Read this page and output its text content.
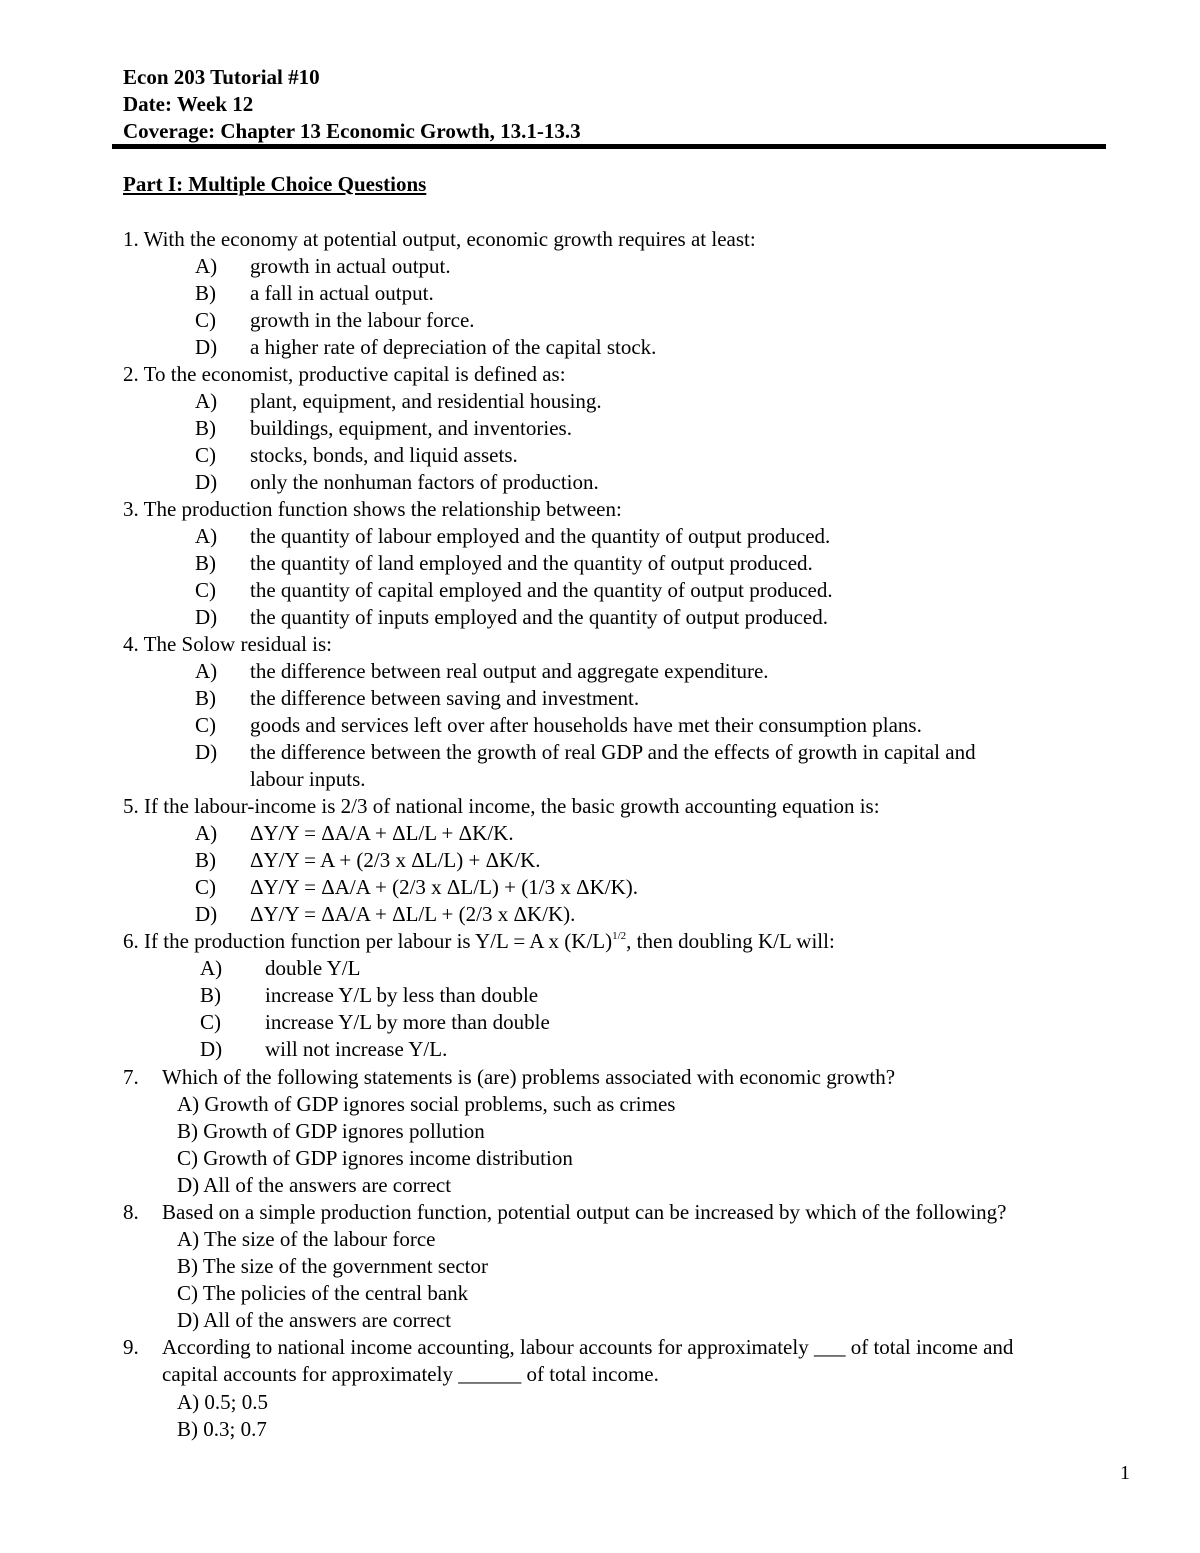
Econ 203 Tutorial #10
Date: Week 12
Coverage: Chapter 13 Economic Growth, 13.1-13.3
Part I: Multiple Choice Questions
1. With the economy at potential output, economic growth requires at least:
A) growth in actual output.
B) a fall in actual output.
C) growth in the labour force.
D) a higher rate of depreciation of the capital stock.
2. To the economist, productive capital is defined as:
A) plant, equipment, and residential housing.
B) buildings, equipment, and inventories.
C) stocks, bonds, and liquid assets.
D) only the nonhuman factors of production.
3. The production function shows the relationship between:
A) the quantity of labour employed and the quantity of output produced.
B) the quantity of land employed and the quantity of output produced.
C) the quantity of capital employed and the quantity of output produced.
D) the quantity of inputs employed and the quantity of output produced.
4. The Solow residual is:
A) the difference between real output and aggregate expenditure.
B) the difference between saving and investment.
C) goods and services left over after households have met their consumption plans.
D) the difference between the growth of real GDP and the effects of growth in capital and
labour inputs.
5. If the labour-income is 2/3 of national income, the basic growth accounting equation is:
A) ΔY/Y = ΔA/A + ΔL/L + ΔK/K.
B) ΔY/Y = A + (2/3 x ΔL/L) + ΔK/K.
C) ΔY/Y = ΔA/A + (2/3 x ΔL/L) + (1/3 x ΔK/K).
D) ΔY/Y = ΔA/A + ΔL/L + (2/3 x ΔK/K).
6. If the production function per labour is Y/L = A x $(K/L)^{1/2}$, then doubling K/L will:
A) double Y/L
B) increase Y/L by less than double
C) increase Y/L by more than double
D) will not increase Y/L.
7. Which of the following statements is (are) problems associated with economic growth?
A) Growth of GDP ignores social problems, such as crimes
B) Growth of GDP ignores pollution
C) Growth of GDP ignores income distribution
D) All of the answers are correct
8. Based on a simple production function, potential output can be increased by which of the following?
A) The size of the labour force
B) The size of the government sector
C) The policies of the central bank
D) All of the answers are correct
9. According to national income accounting, labour accounts for approximately ___ of total income and
capital accounts for approximately ______ of total income.
A) 0.5; 0.5
B) 0.3; 0.7
1
